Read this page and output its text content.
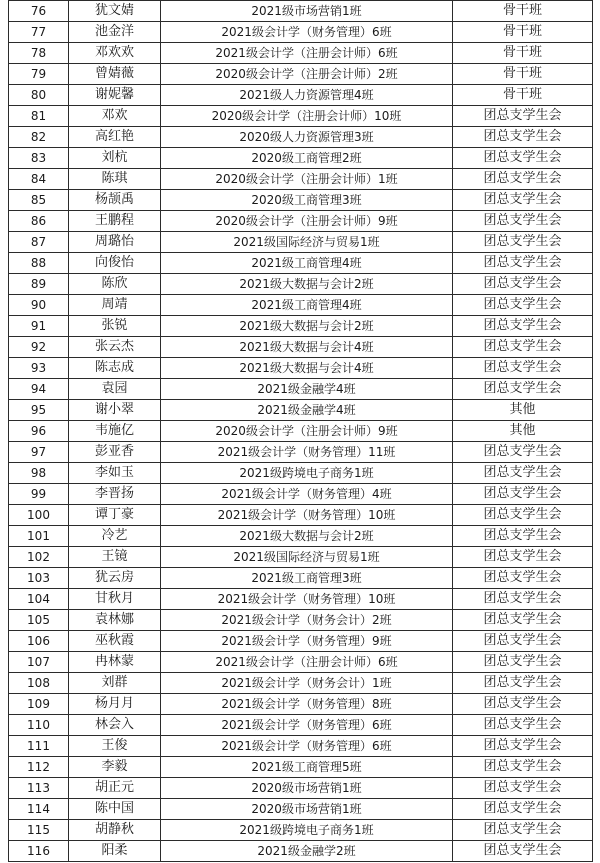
76	犹文婧	2021级市场营销1班	骨干班
77	池金洋	2021级会计学（财务管理）6班	骨干班
78	邓欢欢	2021级会计学（注册会计师）6班	骨干班
79	曾婧薇	2020级会计学（注册会计师）2班	骨干班
80	谢妮馨	2021级人力资源管理4班	骨干班
81	邓欢	2020级会计学（注册会计师）10班	团总支学生会
82	高红艳	2020级人力资源管理3班	团总支学生会
83	刘杭	2020级工商管理2班	团总支学生会
84	陈琪	2020级会计学（注册会计师）1班	团总支学生会
85	杨颉禹	2020级工商管理3班	团总支学生会
86	王鹏程	2020级会计学（注册会计师）9班	团总支学生会
87	周璐怡	2021级国际经济与贸易1班	团总支学生会
88	向俊怡	2021级工商管理4班	团总支学生会
89	陈欣	2021级大数据与会计2班	团总支学生会
90	周靖	2021级工商管理4班	团总支学生会
91	张锐	2021级大数据与会计2班	团总支学生会
92	张云杰	2021级大数据与会计4班	团总支学生会
93	陈志成	2021级大数据与会计4班	团总支学生会
94	袁园	2021级金融学4班	团总支学生会
95	谢小翠	2021级金融学4班	其他
96	韦施亿	2020级会计学（注册会计师）9班	其他
97	彭亚香	2021级会计学（财务管理）11班	团总支学生会
98	李如玉	2021级跨境电子商务1班	团总支学生会
99	李晋扬	2021级会计学（财务管理）4班	团总支学生会
100	谭丁豪	2021级会计学（财务管理）10班	团总支学生会
101	冷艺	2021级大数据与会计2班	团总支学生会
102	王镜	2021级国际经济与贸易1班	团总支学生会
103	犹云房	2021级工商管理3班	团总支学生会
104	甘秋月	2021级会计学（财务管理）10班	团总支学生会
105	袁林娜	2021级会计学（财务会计）2班	团总支学生会
106	巫秋霞	2021级会计学（财务管理）9班	团总支学生会
107	冉林蒙	2021级会计学（注册会计师）6班	团总支学生会
108	刘群	2021级会计学（财务会计）1班	团总支学生会
109	杨月月	2021级会计学（财务管理）8班	团总支学生会
110	林会入	2021级会计学（财务管理）6班	团总支学生会
111	王俊	2021级会计学（财务管理）6班	团总支学生会
112	李毅	2021级工商管理5班	团总支学生会
113	胡正元	2020级市场营销1班	团总支学生会
114	陈中国	2020级市场营销1班	团总支学生会
115	胡静秋	2021级跨境电子商务1班	团总支学生会
116	阳柔	2021级金融学2班	团总支学生会
